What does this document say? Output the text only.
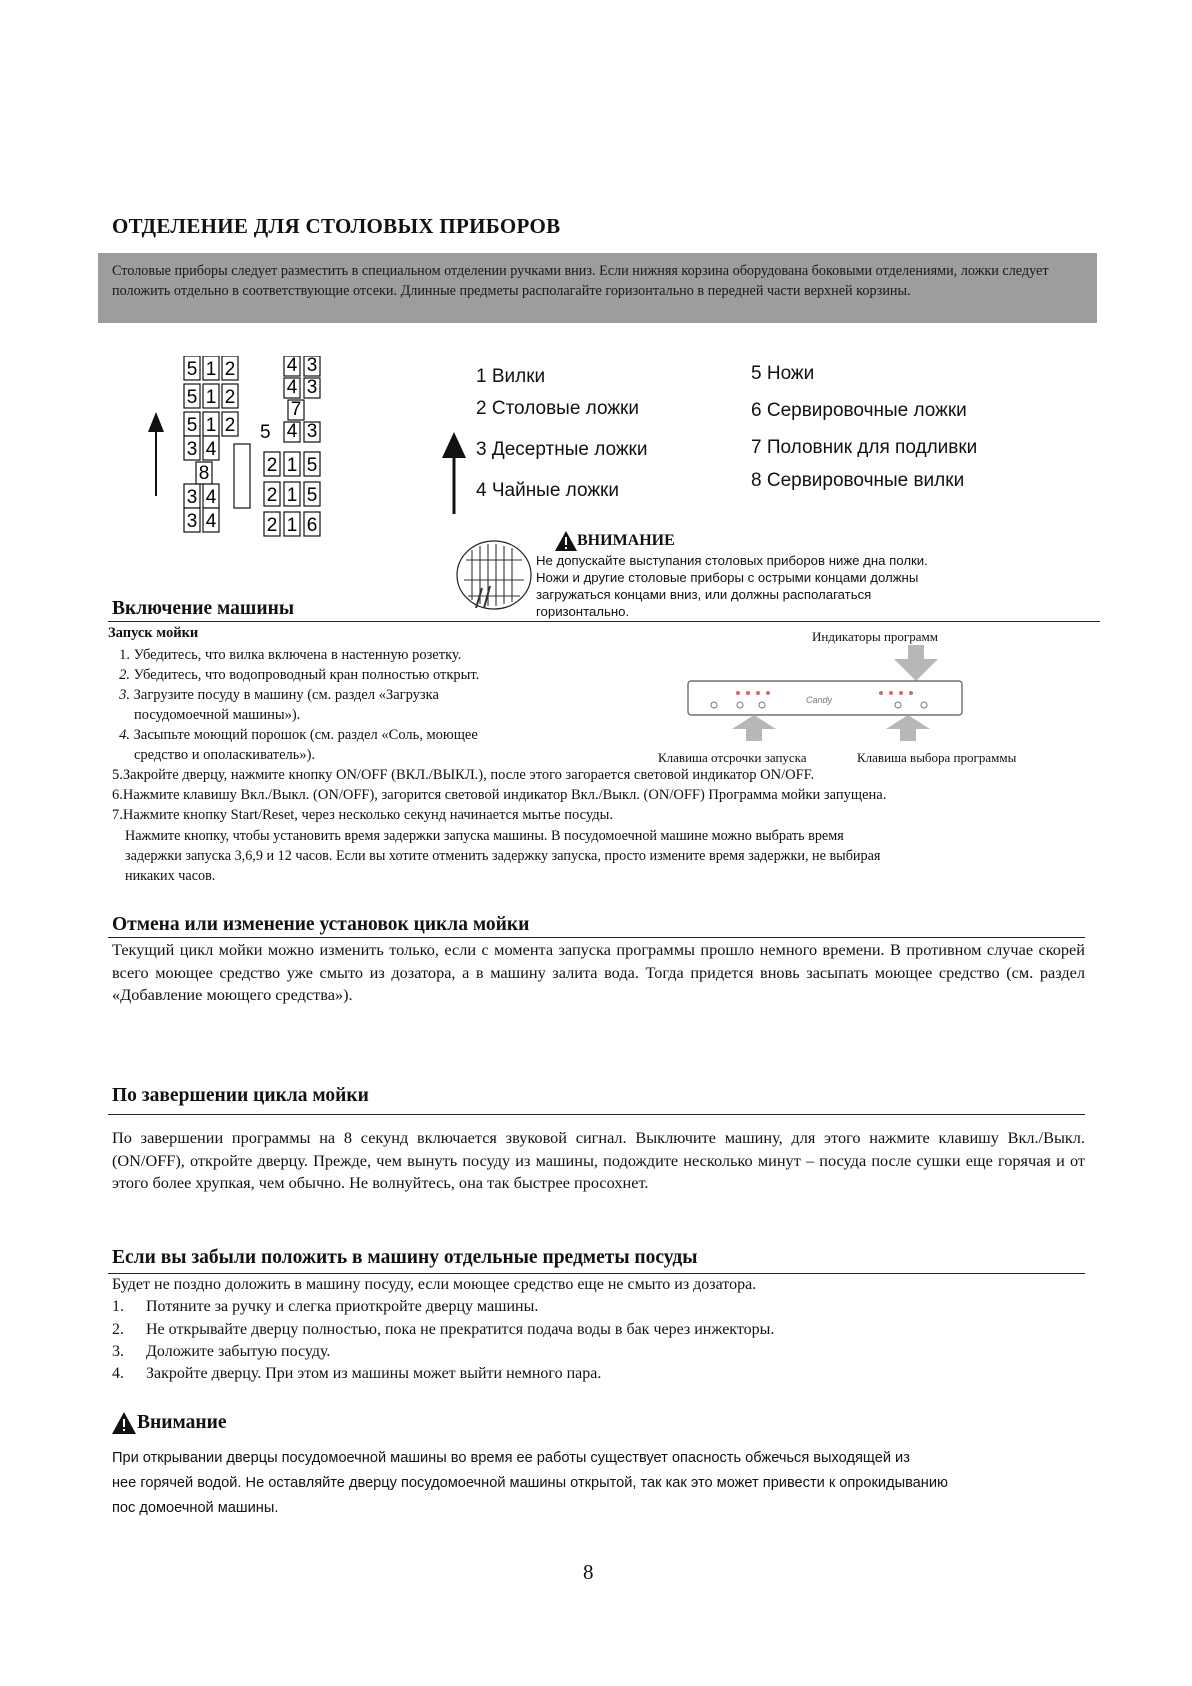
ОТДЕЛЕНИЕ ДЛЯ СТОЛОВЫХ ПРИБОРОВ

Столовые приборы следует разместить в специальном отделении ручками вниз. Если нижняя корзина оборудована боковыми отделениями, ложки следует положить отдельно в соответствующие отсеки. Длинные предметы располагайте горизонтально в передней части верхней корзины.

5 1 2
5 1 2
5 1 2
3 4
8
3 4
3 4
5
4 3
4 3
7
4 3
2 1 5
2 1 5
2 1 6
1 Вилки
2 Столовые ложки
3 Десертные ложки
4 Чайные ложки
5 Ножи
6 Сервировочные ложки
7 Половник для подливки
8 Сервировочные вилки
ВНИМАНИЕ
Не допускайте выступания столовых приборов ниже дна полки.
Ножи и другие столовые приборы с острыми концами должны
загружаться концами вниз, или должны располагаться
горизонтально.
Включение машины
Запуск мойки
1. Убедитесь, что вилка включена в настенную розетку.
2. Убедитесь, что водопроводный кран полностью открыт.
3. Загрузите посуду в машину (см. раздел «Загрузка
посудомоечной машины»).
4. Засыпьте моющий порошок (см. раздел «Соль, моющее
средство и ополаскиватель»).
Индикаторы программ
Candy
Клавиша отсрочки запуска	Клавиша выбора программы
5.Закройте дверцу, нажмите кнопку ON/OFF (ВКЛ./ВЫКЛ.), после этого загорается световой индикатор ON/OFF.
6.Нажмите клавишу Вкл./Выкл. (ON/OFF), загорится световой индикатор Вкл./Выкл. (ON/OFF) Программа мойки запущена.
7.Нажмите кнопку Start/Reset, через несколько секунд начинается мытье посуды.
Нажмите кнопку, чтобы установить время задержки запуска машины. В посудомоечной машине можно выбрать время
задержки запуска 3,6,9 и 12 часов. Если вы хотите отменить задержку запуска, просто измените время задержки, не выбирая
никаких часов.
Отмена или изменение установок цикла мойки
Текущий цикл мойки можно изменить только, если с момента запуска программы прошло немного времени. В противном случае скорей всего моющее средство уже смыто из дозатора, а в машину залита вода. Тогда придется вновь засыпать моющее средство (см. раздел «Добавление моющего средства»).
По завершении цикла мойки
По завершении программы на 8 секунд включается звуковой сигнал. Выключите машину, для этого нажмите клавишу Вкл./Выкл. (ON/OFF), откройте дверцу. Прежде, чем вынуть посуду из машины, подождите несколько минут – посуда после сушки еще горячая и от этого более хрупкая, чем обычно. Не волнуйтесь, она так быстрее просохнет.
Если вы забыли положить в машину отдельные предметы посуды
Будет не поздно доложить в машину посуду, если моющее средство еще не смыто из дозатора.
1. Потяните за ручку и слегка приоткройте дверцу машины.
2. Не открывайте дверцу полностью, пока не прекратится подача воды в бак через инжекторы.
3. Доложите забытую посуду.
4. Закройте дверцу. При этом из машины может выйти немного пара.
Внимание
При открывании дверцы посудомоечной машины во время ее работы существует опасность обжечься выходящей из
нее горячей водой. Не оставляйте дверцу посудомоечной машины открытой, так как это может привести к опрокидыванию
пос домоечной машины.
8
